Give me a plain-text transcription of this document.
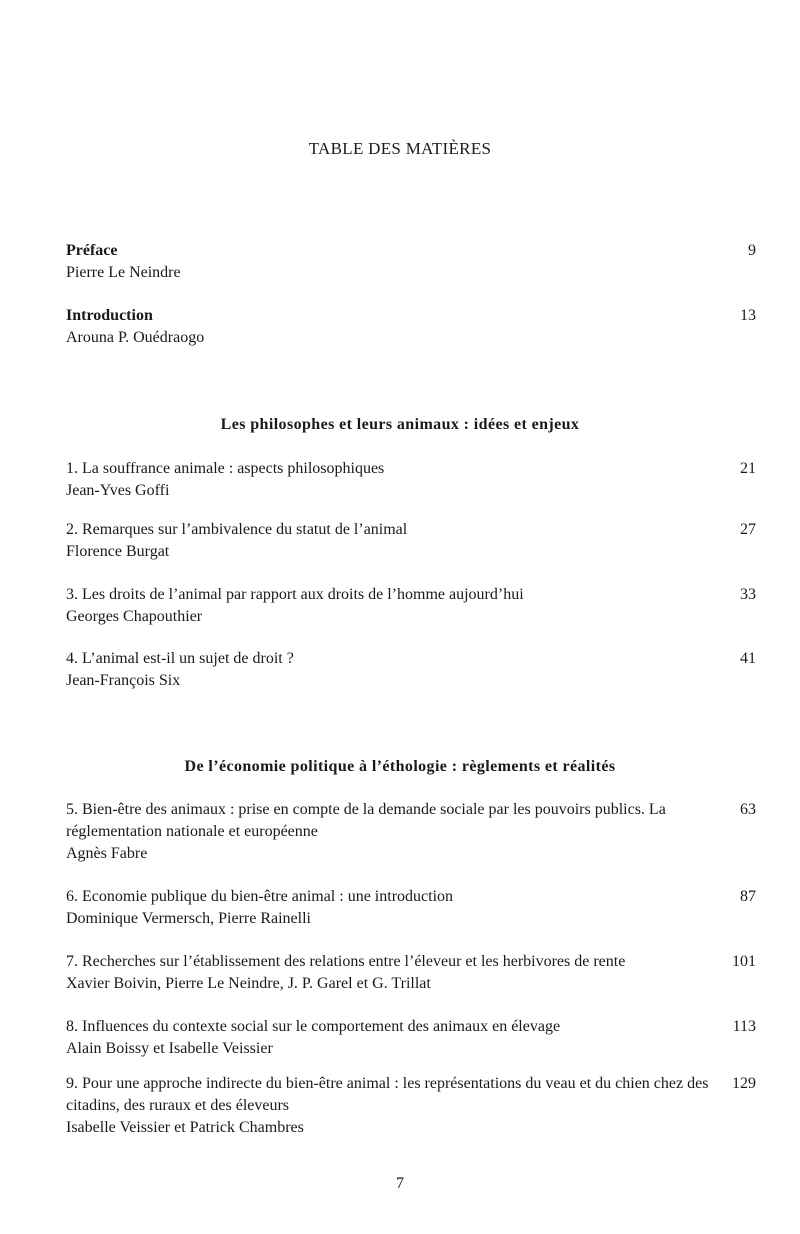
TABLE DES MATIÈRES
Préface
Pierre Le Neindre
9
Introduction
Arouna P. Ouédraogo
13
Les philosophes et leurs animaux : idées et enjeux
1. La souffrance animale : aspects philosophiques
Jean-Yves Goffi
21
2. Remarques sur l’ambivalence du statut de l’animal
Florence Burgat
27
3. Les droits de l’animal par rapport aux droits de l’homme aujourd’hui
Georges Chapouthier
33
4. L’animal est-il un sujet de droit ?
Jean-François Six
41
De l’économie politique à l’éthologie : règlements et réalités
5. Bien-être des animaux : prise en compte de la demande sociale par les pouvoirs publics. La réglementation nationale et européenne
Agnès Fabre
63
6. Economie publique du bien-être animal : une introduction
Dominique Vermersch, Pierre Rainelli
87
7. Recherches sur l’établissement des relations entre l’éleveur et les herbivores de rente
Xavier Boivin, Pierre Le Neindre, J. P. Garel et G. Trillat
101
8. Influences du contexte social sur le comportement des animaux en élevage
Alain Boissy et Isabelle Veissier
113
9. Pour une approche indirecte du bien-être animal : les représentations du veau et du chien chez des citadins, des ruraux et des éleveurs
Isabelle Veissier et Patrick Chambres
129
7
